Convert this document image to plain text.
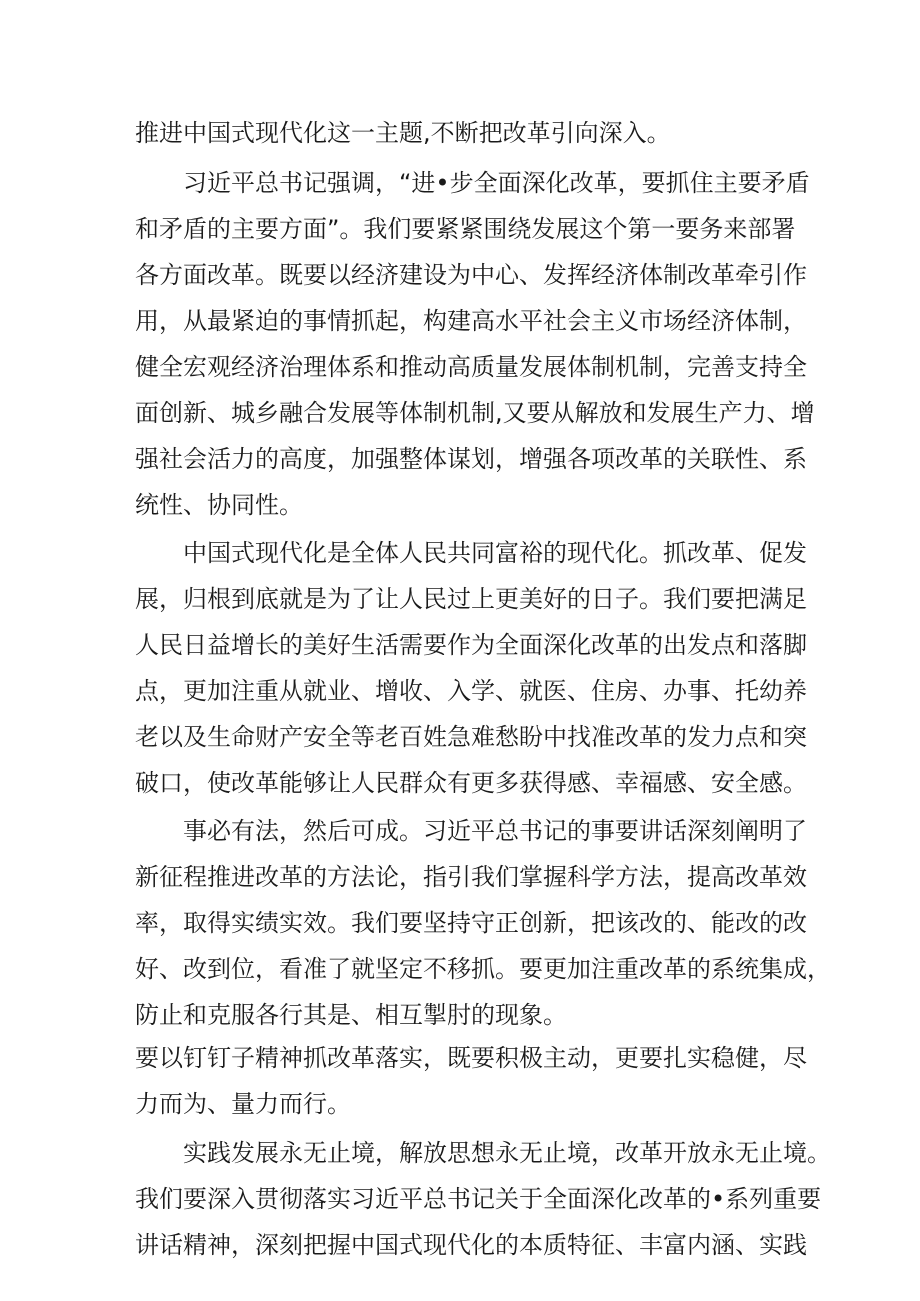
推进中国式现代化这一主题,不断把改革引向深入。
习近平总书记强调，“进•步全面深化改革，要抓住主要矛盾
和矛盾的主要方面”。我们要紧紧围绕发展这个第一要务来部署
各方面改革。既要以经济建设为中心、发挥经济体制改革牵引作
用，从最紧迫的事情抓起，构建高水平社会主义市场经济体制，
健全宏观经济治理体系和推动高质量发展体制机制，完善支持全
面创新、城乡融合发展等体制机制,又要从解放和发展生产力、增
强社会活力的高度，加强整体谋划，增强各项改革的关联性、系
统性、协同性。
中国式现代化是全体人民共同富裕的现代化。抓改革、促发
展，归根到底就是为了让人民过上更美好的日子。我们要把满足
人民日益增长的美好生活需要作为全面深化改革的出发点和落脚
点，更加注重从就业、增收、入学、就医、住房、办事、托幼养
老以及生命财产安全等老百姓急难愁盼中找准改革的发力点和突
破口，使改革能够让人民群众有更多获得感、幸福感、安全感。
事必有法，然后可成。习近平总书记的事要讲话深刻阐明了
新征程推进改革的方法论，指引我们掌握科学方法，提高改革效
率，取得实绩实效。我们要坚持守正创新，把该改的、能改的改
好、改到位，看准了就坚定不移抓。要更加注重改革的系统集成，
防止和克服各行其是、相互掣肘的现象。
要以钉钉子精神抓改革落实，既要积极主动，更要扎实稳健，尽
力而为、量力而行。
实践发展永无止境，解放思想永无止境，改革开放永无止境。
我们要深入贯彻落实习近平总书记关于全面深化改革的•系列重要
讲话精神，深刻把握中国式现代化的本质特征、丰富内涵、实践
